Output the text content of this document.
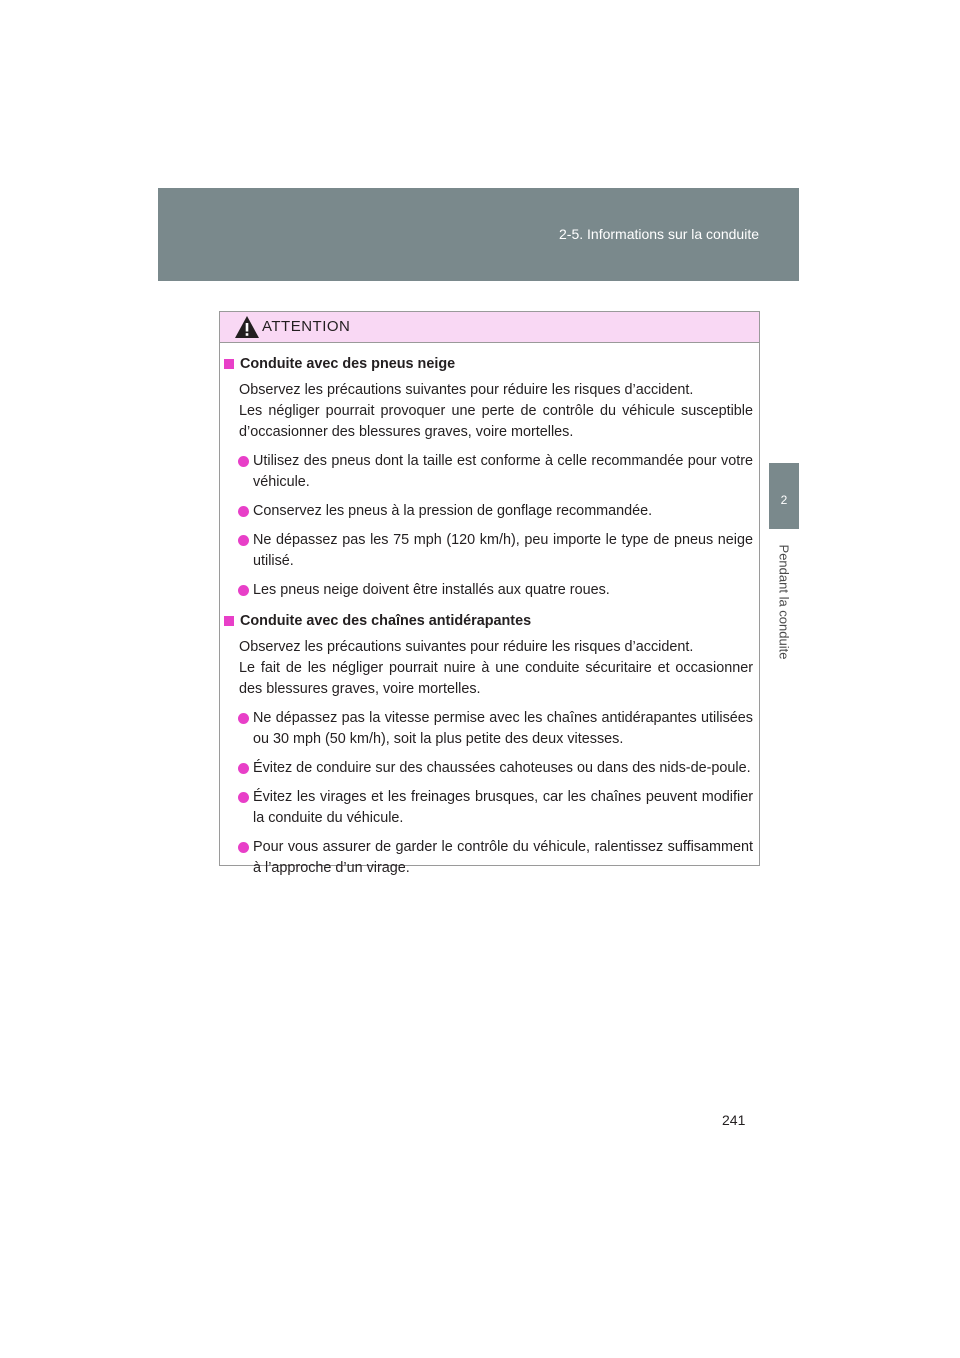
2-5. Informations sur la conduite
2
Pendant la conduite
ATTENTION
Conduite avec des pneus neige

Observez les précautions suivantes pour réduire les risques d’accident.

Les négliger pourrait provoquer une perte de contrôle du véhicule susceptible d’occasionner des blessures graves, voire mortelles.

Utilisez des pneus dont la taille est conforme à celle recommandée pour votre véhicule.
Conservez les pneus à la pression de gonflage recommandée.
Ne dépassez pas les 75 mph (120 km/h), peu importe le type de pneus neige utilisé.
Les pneus neige doivent être installés aux quatre roues.
Conduite avec des chaînes antidérapantes

Observez les précautions suivantes pour réduire les risques d’accident.

Le fait de les négliger pourrait nuire à une conduite sécuritaire et occasionner des blessures graves, voire mortelles.

Ne dépassez pas la vitesse permise avec les chaînes antidérapantes utilisées ou 30 mph (50 km/h), soit la plus petite des deux vitesses.
Évitez de conduire sur des chaussées cahoteuses ou dans des nids-de-poule.
Évitez les virages et les freinages brusques, car les chaînes peuvent modifier la conduite du véhicule.
Pour vous assurer de garder le contrôle du véhicule, ralentissez suffisamment à l’approche d’un virage.
241
